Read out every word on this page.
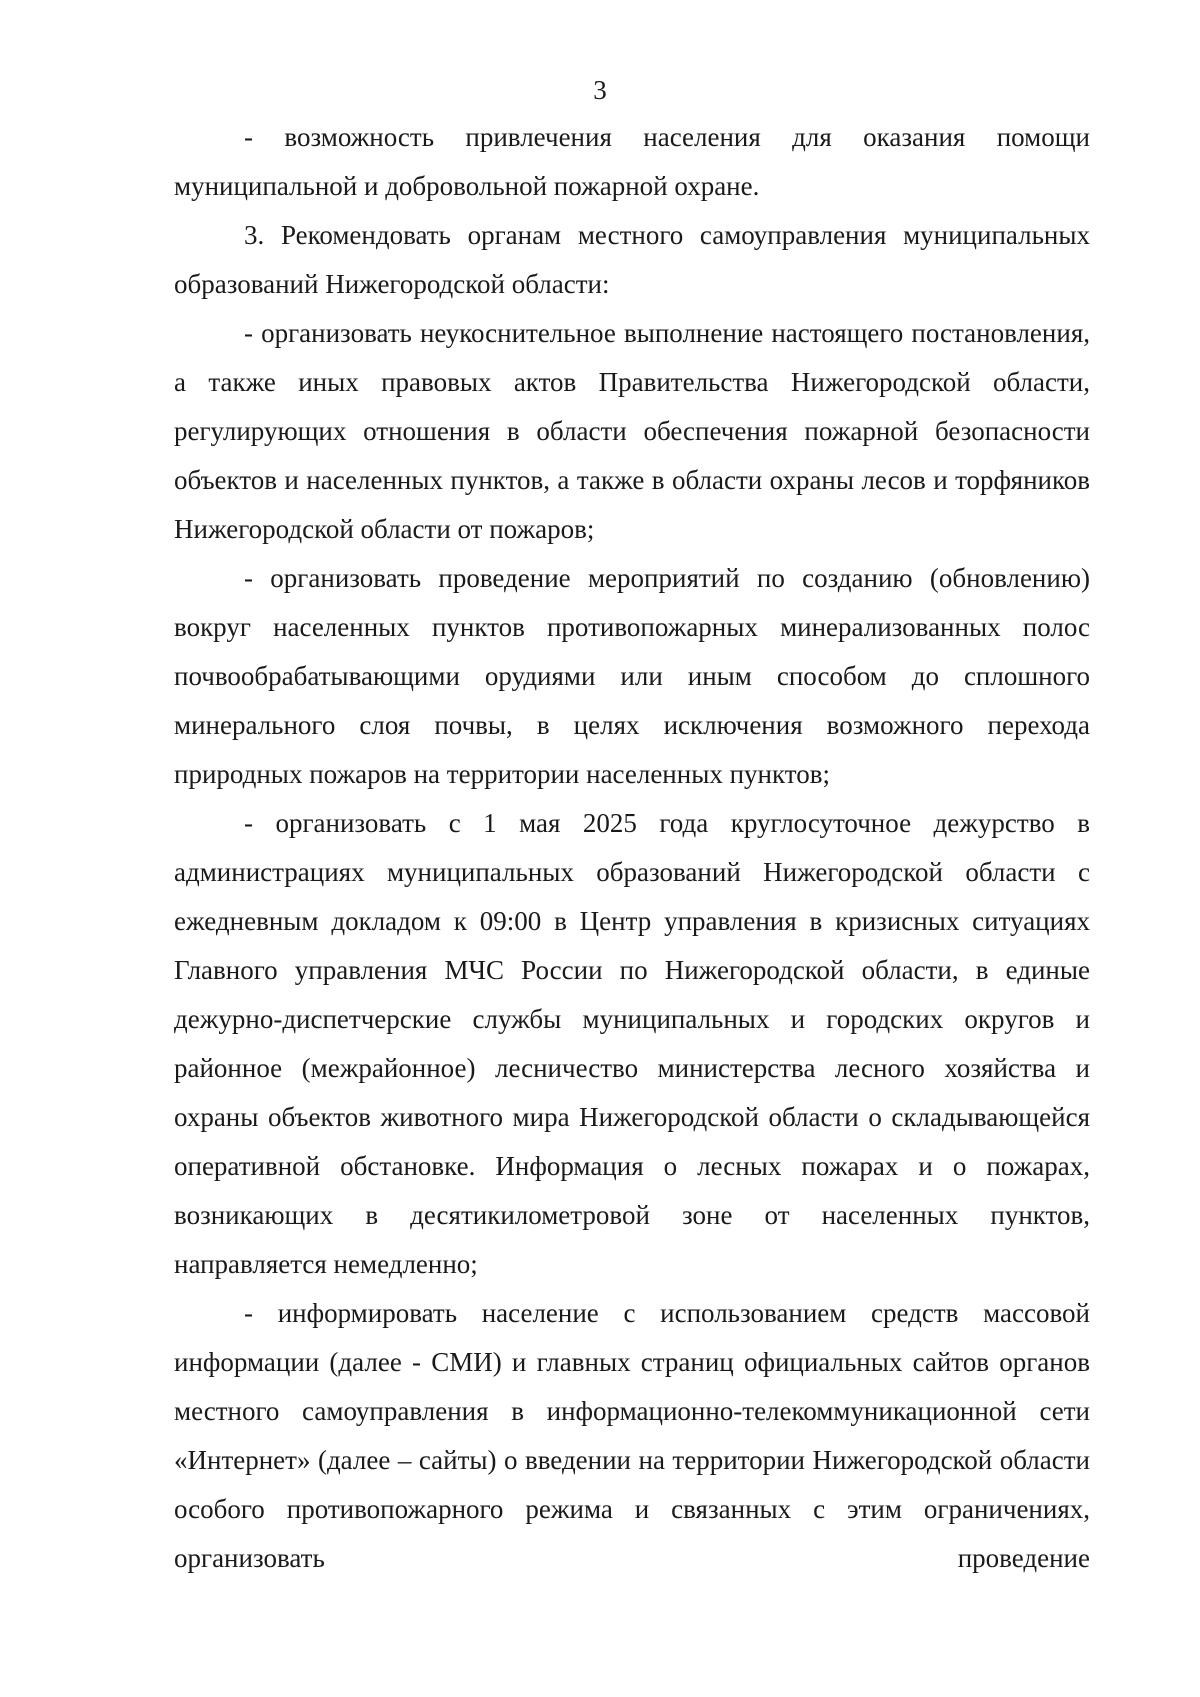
3

- возможность привлечения населения для оказания помощи муниципальной и добровольной пожарной охране.

3. Рекомендовать органам местного самоуправления муниципальных образований Нижегородской области:

- организовать неукоснительное выполнение настоящего постановления, а также иных правовых актов Правительства Нижегородской области, регулирующих отношения в области обеспечения пожарной безопасности объектов и населенных пунктов, а также в области охраны лесов и торфяников Нижегородской области от пожаров;

- организовать проведение мероприятий по созданию (обновлению) вокруг населенных пунктов противопожарных минерализованных полос почвообрабатывающими орудиями или иным способом до сплошного минерального слоя почвы, в целях исключения возможного перехода природных пожаров на территории населенных пунктов;

- организовать с 1 мая 2025 года круглосуточное дежурство в администрациях муниципальных образований Нижегородской области с ежедневным докладом к 09:00 в Центр управления в кризисных ситуациях Главного управления МЧС России по Нижегородской области, в единые дежурно-диспетчерские службы муниципальных и городских округов и районное (межрайонное) лесничество министерства лесного хозяйства и охраны объектов животного мира Нижегородской области о складывающейся оперативной обстановке. Информация о лесных пожарах и о пожарах, возникающих в десятикилометровой зоне от населенных пунктов, направляется немедленно;

- информировать население с использованием средств массовой информации (далее - СМИ) и главных страниц официальных сайтов органов местного самоуправления в информационно-телекоммуникационной сети «Интернет» (далее – сайты) о введении на территории Нижегородской области особого противопожарного режима и связанных с этим ограничениях, организовать проведение
